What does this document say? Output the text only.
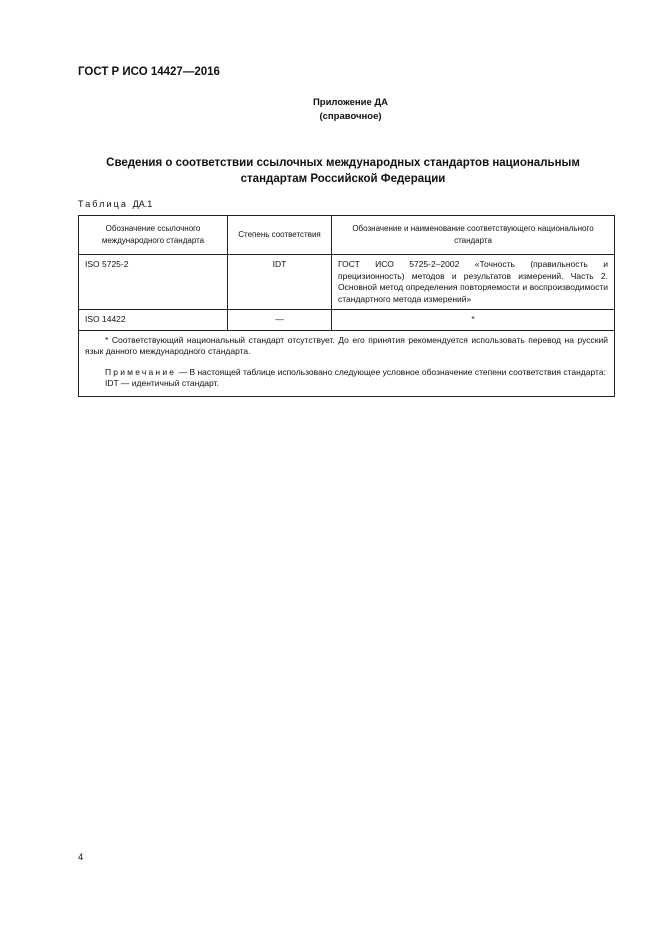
ГОСТ Р ИСО 14427—2016
Приложение ДА
(справочное)
Сведения о соответствии ссылочных международных стандартов национальным
стандартам Российской Федерации
Таблица ДА.1
Обозначение ссылочного международного стандарта	Степень соответствия	Обозначение и наименование соответствующего национального стандарта
ISO 5725-2	IDT	ГОСТ ИСО 5725-2–2002 «Точность (правильность и прецизионность) методов и результатов измерений. Часть 2. Основной метод определения повторяемости и воспроизводимости стандартного метода измерений»
ISO 14422	—	*

* Соответствующий национальный стандарт отсутствует. До его принятия рекомендуется использовать перевод на русский язык данного международного стандарта.

Примечание — В настоящей таблице использовано следующее условное обозначение степени соответствия стандарта:

IDT — идентичный стандарт.		

4
